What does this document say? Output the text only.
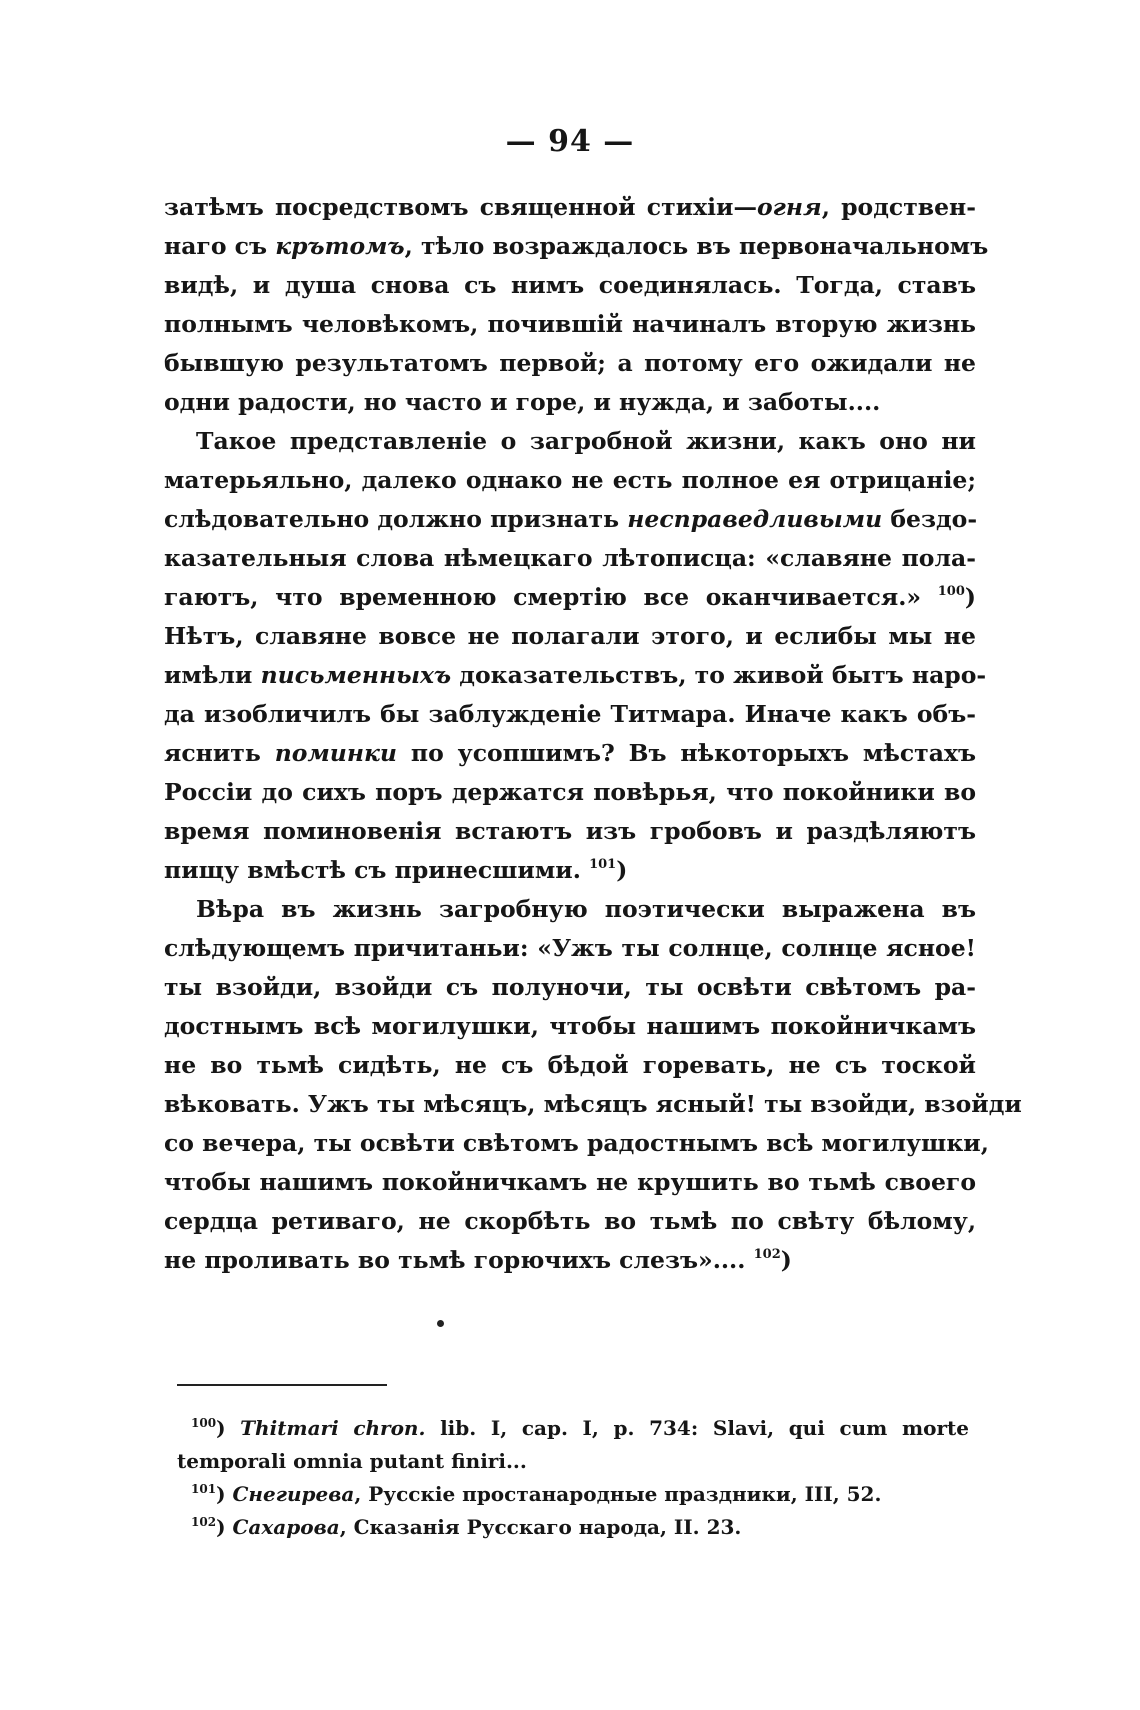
— 94 —
затѣмъ посредствомъ священной стихіи—огня, родствен-
наго съ крътомъ, тѣло возраждалось въ первоначальномъ
видѣ, и душа снова съ нимъ соединялась. Тогда, ставъ
полнымъ человѣкомъ, почившій начиналъ вторую жизнь
бывшую результатомъ первой; а потому его ожидали не
одни радости, но часто и горе, и нужда, и заботы....
Такое представленіе о загробной жизни, какъ оно ни
матерьяльно, далеко однако не есть полное ея отрицаніе;
слѣдовательно должно признать несправедливыми бездо-
казательныя слова нѣмецкаго лѣтописца: «славяне пола-
гаютъ, что временною смертію все оканчивается.» $^{100}$)
Нѣтъ, славяне вовсе не полагали этого, и еслибы мы не
имѣли письменныхъ доказательствъ, то живой бытъ наро-
да изобличилъ бы заблужденіе Титмара. Иначе какъ объ-
яснить поминки по усопшимъ? Въ нѣкоторыхъ мѣстахъ
Россіи до сихъ поръ держатся повѣрья, что покойники во
время поминовенія встаютъ изъ гробовъ и раздѣляютъ
пищу вмѣстѣ съ принесшими. $^{101}$)
Вѣра въ жизнь загробную поэтически выражена въ
слѣдующемъ причитаньи: «Ужъ ты солнце, солнце ясное!
ты взойди, взойди съ полуночи, ты освѣти свѣтомъ ра-
достнымъ всѣ могилушки, чтобы нашимъ покойничкамъ
не во тьмѣ сидѣть, не съ бѣдой горевать, не съ тоской
вѣковать. Ужъ ты мѣсяцъ, мѣсяцъ ясный! ты взойди, взойди
со вечера, ты освѣти свѣтомъ радостнымъ всѣ могилушки,
чтобы нашимъ покойничкамъ не крушить во тьмѣ своего
сердца ретиваго, не скорбѣть во тьмѣ по свѣту бѣлому,
не проливать во тьмѣ горючихъ слезъ».... $^{102}$)
$^{100}$) Thitmari chron. lib. I, cap. I, p. 734: Slavi, qui cum morte
temporali omnia putant finiri...
$^{101}$) Снегирева, Русскіе простанародные праздники, III, 52.
$^{102}$) Сахарова, Сказанія Русскаго народа, II. 23.
